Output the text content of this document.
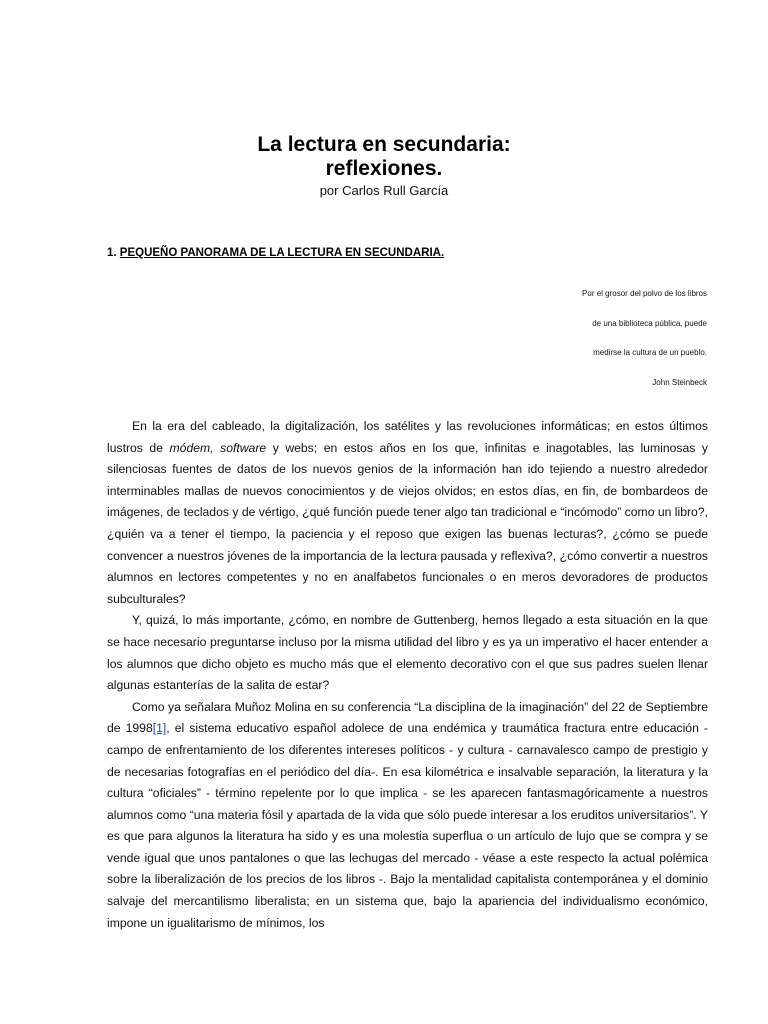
La lectura en secundaria:
reflexiones.
por Carlos Rull García
1. PEQUEÑO PANORAMA DE LA LECTURA EN SECUNDARIA.
Por el grosor del polvo de los libros
de una biblioteca pública, puede
medirse la cultura de un pueblo.
John Steinbeck

En la era del cableado, la digitalización, los satélites y las revoluciones informáticas; en estos últimos lustros de módem, software y webs; en estos años en los que, infinitas e inagotables, las luminosas y silenciosas fuentes de datos de los nuevos genios de la información han ido tejiendo a nuestro alrededor interminables mallas de nuevos conocimientos y de viejos olvidos; en estos días, en fin, de bombardeos de imágenes, de teclados y de vértigo, ¿qué función puede tener algo tan tradicional e “incómodo” como un libro?, ¿quién va a tener el tiempo, la paciencia y el reposo que exigen las buenas lecturas?, ¿cómo se puede convencer a nuestros jóvenes de la importancia de la lectura pausada y reflexiva?, ¿cómo convertir a nuestros alumnos en lectores competentes y no en analfabetos funcionales o en meros devoradores de productos subculturales?

Y, quizá, lo más importante, ¿cómo, en nombre de Guttenberg, hemos llegado a esta situación en la que se hace necesario preguntarse incluso por la misma utilidad del libro y es ya un imperativo el hacer entender a los alumnos que dicho objeto es mucho más que el elemento decorativo con el que sus padres suelen llenar algunas estanterías de la salita de estar?

Como ya señalara Muñoz Molina en su conferencia “La disciplina de la imaginación” del 22 de Septiembre de 1998[1], el sistema educativo español adolece de una endémica y traumática fractura entre educación - campo de enfrentamiento de los diferentes intereses políticos - y cultura - carnavalesco campo de prestigio y de necesarias fotografías en el periódico del día-. En esa kilométrica e insalvable separación, la literatura y la cultura “oficiales” - término repelente por lo que implica - se les aparecen fantasmagóricamente a nuestros alumnos como “una materia fósil y apartada de la vida que sólo puede interesar a los eruditos universitarios”. Y es que para algunos la literatura ha sido y es una molestia superflua o un artículo de lujo que se compra y se vende igual que unos pantalones o que las lechugas del mercado - véase a este respecto la actual polémica sobre la liberalización de los precios de los libros -. Bajo la mentalidad capitalista contemporánea y el dominio salvaje del mercantilismo liberalista; en un sistema que, bajo la apariencia del individualismo económico, impone un igualitarismo de mínimos, los
